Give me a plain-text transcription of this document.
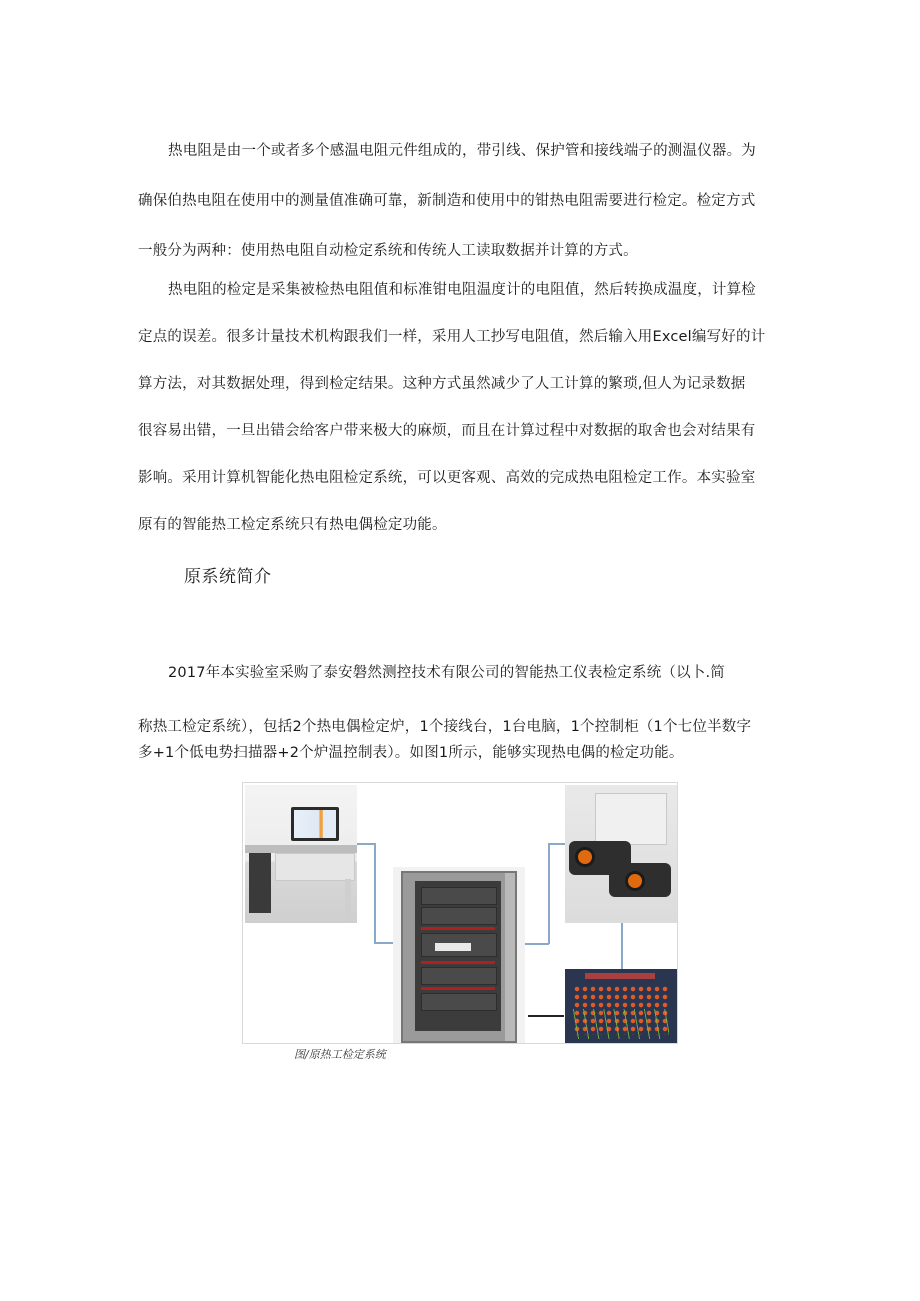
热电阻是由一个或者多个感温电阻元件组成的，带引线、保护管和接线端子的测温仪器。为
确保伯热电阻在使用中的测量值准确可靠，新制造和使用中的钳热电阻需要进行检定。检定方式
一般分为两种：使用热电阻自动检定系统和传统人工读取数据并计算的方式。
热电阻的检定是采集被检热电阻值和标准钳电阻温度计的电阻值，然后转换成温度，计算检
定点的误差。很多计量技术机构跟我们一样，采用人工抄写电阻值，然后输入用Excel编写好的计
算方法，对其数据处理，得到检定结果。这种方式虽然减少了人工计算的繁琐,但人为记录数据
很容易出错，一旦出错会给客户带来极大的麻烦，而且在计算过程中对数据的取舍也会对结果有
影响。采用计算机智能化热电阻检定系统，可以更客观、高效的完成热电阻检定工作。本实验室
原有的智能热工检定系统只有热电偶检定功能。
原系统简介
2017年本实验室采购了泰安磐然测控技术有限公司的智能热工仪表检定系统（以卜.简
称热工检定系统），包括2个热电偶检定炉，1个接线台，1台电脑，1个控制柜（1个七位半数字
多+1个低电势扫描器+2个炉温控制表）。如图1所示，能够实现热电偶的检定功能。

图/原热工检定系统
